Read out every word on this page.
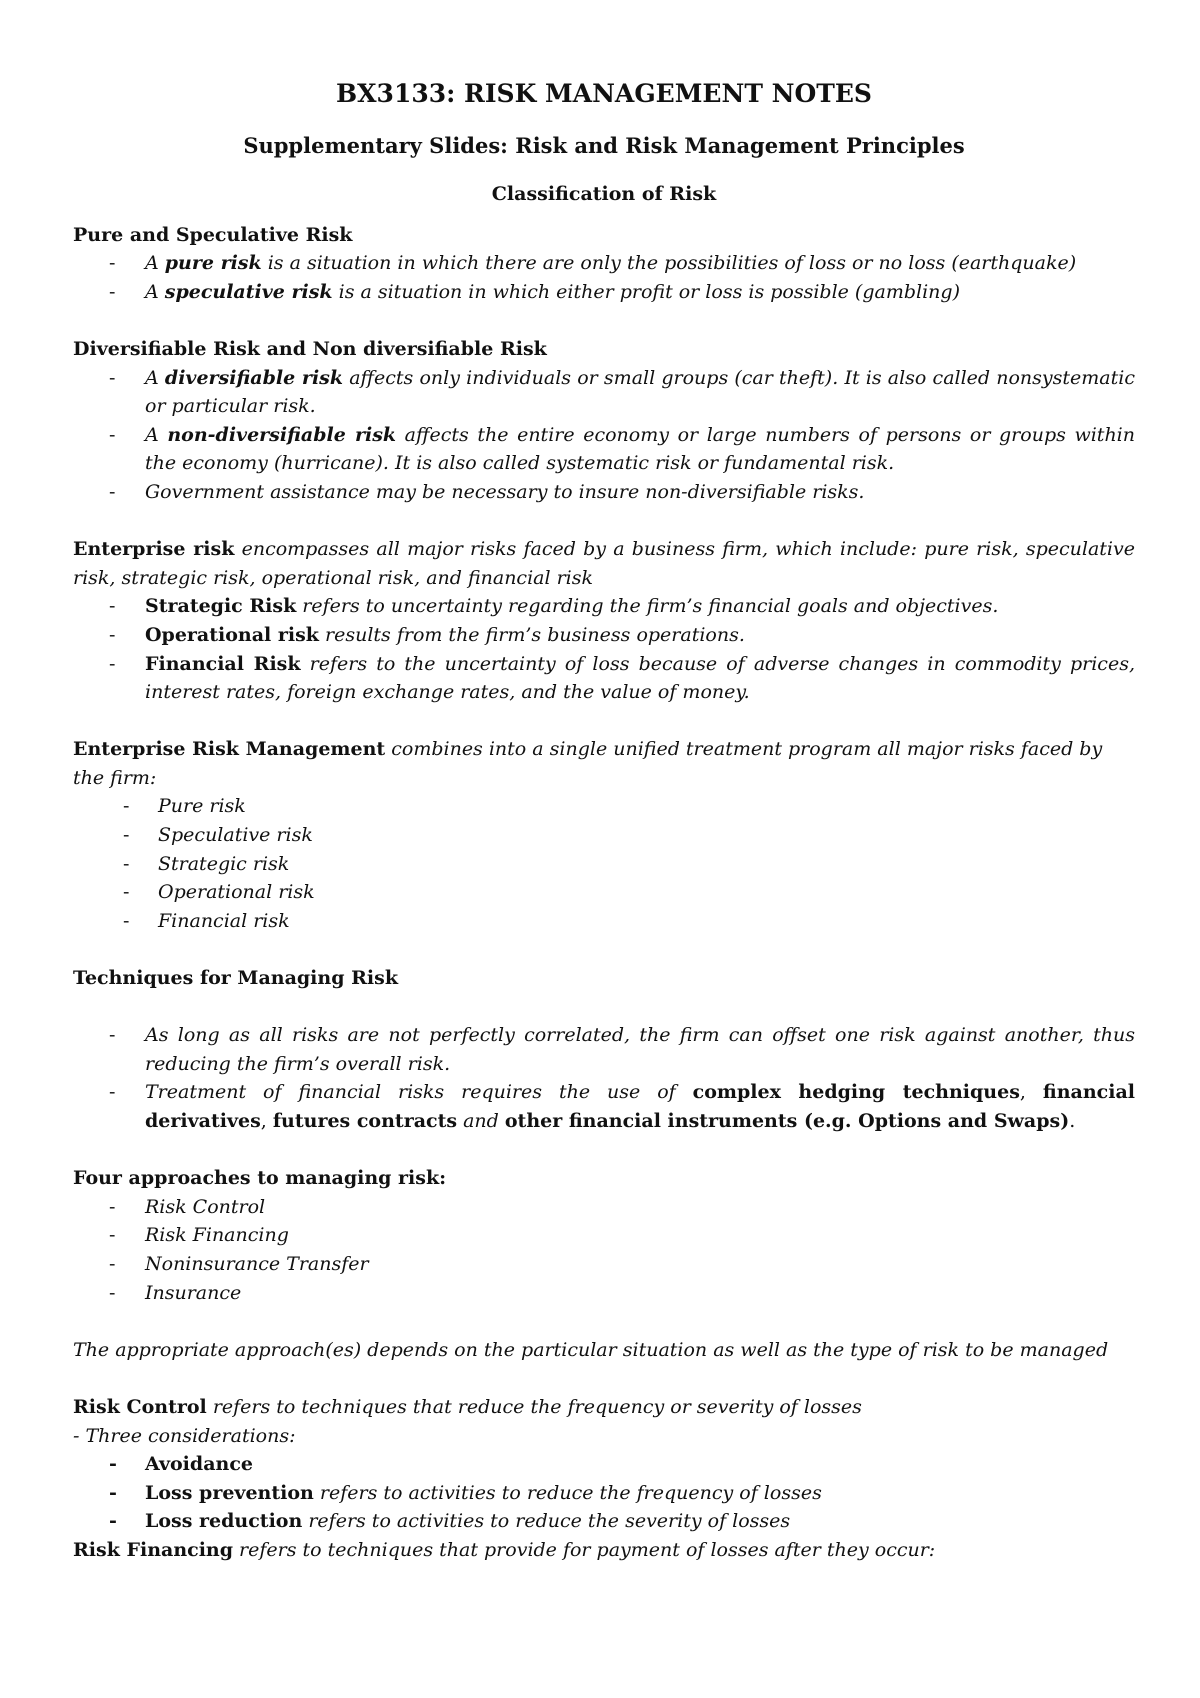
BX3133: RISK MANAGEMENT NOTES

Supplementary Slides: Risk and Risk Management Principles

Classification of Risk

Pure and Speculative Risk

- A pure risk is a situation in which there are only the possibilities of loss or no loss (earthquake)
- A speculative risk is a situation in which either profit or loss is possible (gambling)

Diversifiable Risk and Non diversifiable Risk

- A diversifiable risk affects only individuals or small groups (car theft). It is also called nonsystematic or particular risk.
- A non-diversifiable risk affects the entire economy or large numbers of persons or groups within the economy (hurricane). It is also called systematic risk or fundamental risk.
- Government assistance may be necessary to insure non-diversifiable risks.

Enterprise risk encompasses all major risks faced by a business firm, which include: pure risk, speculative risk, strategic risk, operational risk, and financial risk

- Strategic Risk refers to uncertainty regarding the firm’s financial goals and objectives.
- Operational risk results from the firm’s business operations.
- Financial Risk refers to the uncertainty of loss because of adverse changes in commodity prices, interest rates, foreign exchange rates, and the value of money.

Enterprise Risk Management combines into a single unified treatment program all major risks faced by the firm:

- Pure risk
- Speculative risk
- Strategic risk
- Operational risk
- Financial risk

Techniques for Managing Risk

- As long as all risks are not perfectly correlated, the firm can offset one risk against another, thus reducing the firm’s overall risk.
- Treatment of financial risks requires the use of complex hedging techniques, financial derivatives, futures contracts and other financial instruments (e.g. Options and Swaps).

Four approaches to managing risk:

- Risk Control
- Risk Financing
- Noninsurance Transfer
- Insurance

The appropriate approach(es) depends on the particular situation as well as the type of risk to be managed

Risk Control refers to techniques that reduce the frequency or severity of losses

- Three considerations:

- Avoidance
- Loss prevention refers to activities to reduce the frequency of losses
- Loss reduction refers to activities to reduce the severity of losses

Risk Financing refers to techniques that provide for payment of losses after they occur:
